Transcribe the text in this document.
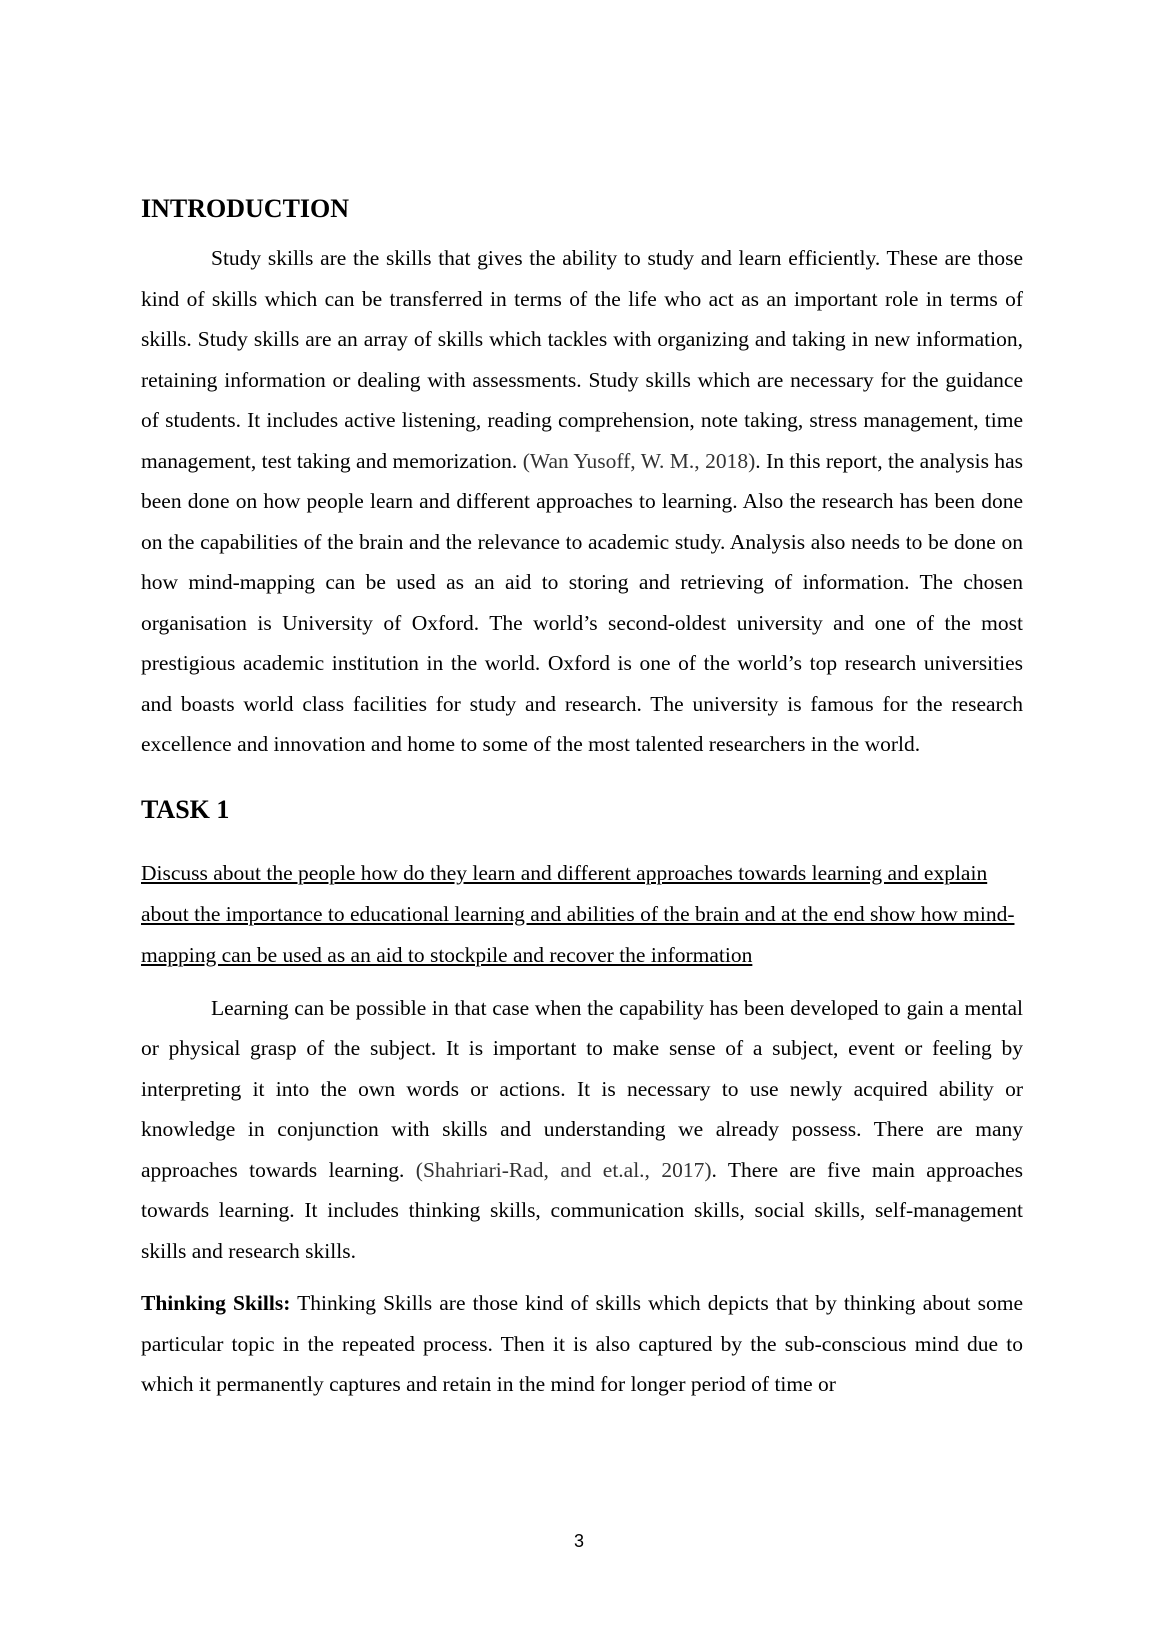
INTRODUCTION

Study skills are the skills that gives the ability to study and learn efficiently. These are those kind of skills which can be transferred in terms of the life who act as an important role in terms of skills. Study skills are an array of skills which tackles with organizing and taking in new information, retaining information or dealing with assessments. Study skills which are necessary for the guidance of students. It includes active listening, reading comprehension, note taking, stress management, time management, test taking and memorization. (Wan Yusoff, W. M., 2018). In this report, the analysis has been done on how people learn and different approaches to learning. Also the research has been done on the capabilities of the brain and the relevance to academic study. Analysis also needs to be done on how mind-mapping can be used as an aid to storing and retrieving of information. The chosen organisation is University of Oxford. The world’s second-oldest university and one of the most prestigious academic institution in the world. Oxford is one of the world’s top research universities and boasts world class facilities for study and research. The university is famous for the research excellence and innovation and home to some of the most talented researchers in the world.

TASK 1

Discuss about the people how do they learn and different approaches towards learning and explain about the importance to educational learning and abilities of the brain and at the end show how mind-mapping can be used as an aid to stockpile and recover the information

Learning can be possible in that case when the capability has been developed to gain a mental or physical grasp of the subject. It is important to make sense of a subject, event or feeling by interpreting it into the own words or actions. It is necessary to use newly acquired ability or knowledge in conjunction with skills and understanding we already possess. There are many approaches towards learning. (Shahriari-Rad, and et.al., 2017). There are five main approaches towards learning. It includes thinking skills, communication skills, social skills, self-management skills and research skills.

Thinking Skills: Thinking Skills are those kind of skills which depicts that by thinking about some particular topic in the repeated process. Then it is also captured by the sub-conscious mind due to which it permanently captures and retain in the mind for longer period of time or

3
